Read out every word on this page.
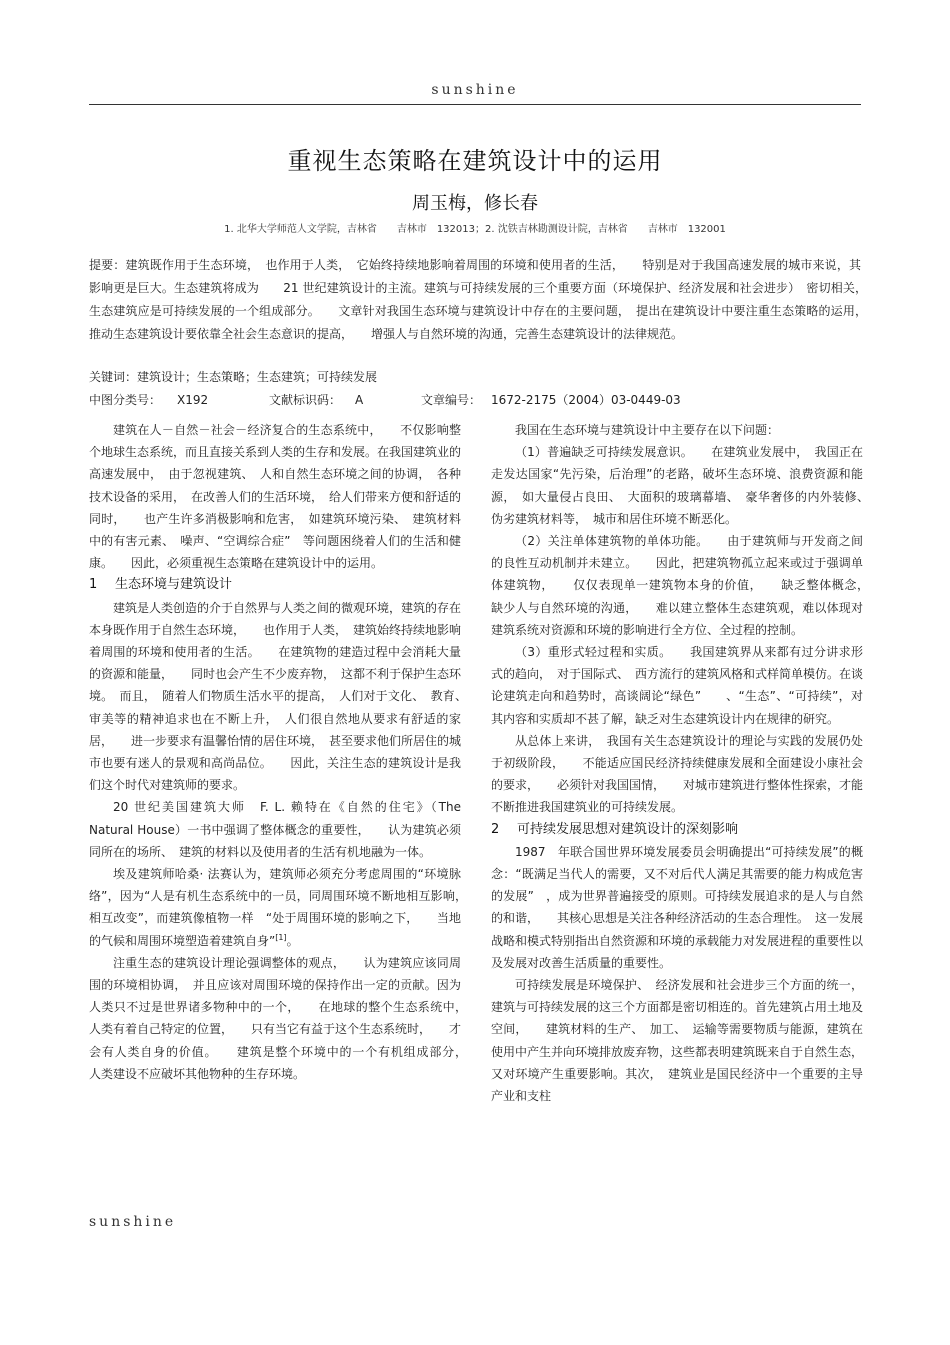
sunshine
重视生态策略在建筑设计中的运用
周玉梅，修长春
1. 北华大学师范人文学院，吉林省　　吉林市　132013；2. 沈铁吉林勘测设计院，吉林省　　吉林市　132001
提要：建筑既作用于生态环境，　也作用于人类，　它始终持续地影响着周围的环境和使用者的生活，　　特别是对于我国高速发展的城市来说，其影响更是巨大。生态建筑将成为　　21 世纪建筑设计的主流。建筑与可持续发展的三个重要方面（环境保护、经济发展和社会进步）　密切相关，　生态建筑应是可持续发展的一个组成部分。　　文章针对我国生态环境与建筑设计中存在的主要问题，　提出在建筑设计中要注重生态策略的运用，　　推动生态建筑设计要依靠全社会生态意识的提高，　　增强人与自然环境的沟通，完善生态建筑设计的法律规范。
关键词：建筑设计；生态策略；生态建筑；可持续发展
中图分类号： X192	文献标识码： A	文章编号： 1672-2175（2004）03-0449-03

建筑在人－自然－社会－经济复合的生态系统中，　　不仅影响整个地球生态系统，而且直接关系到人类的生存和发展。在我国建筑业的高速发展中，　由于忽视建筑、　人和自然生态环境之间的协调，　各种技术设备的采用，　在改善人们的生活环境，　给人们带来方便和舒适的同时，　　也产生许多消极影响和危害，　如建筑环境污染、　建筑材料中的有害元素、　噪声、“空调综合症”　等问题困绕着人们的生活和健康。　　因此，必须重视生态策略在建筑设计中的运用。

1 生态环境与建筑设计

建筑是人类创造的介于自然界与人类之间的微观环境，建筑的存在本身既作用于自然生态环境，　　也作用于人类，　建筑始终持续地影响着周围的环境和使用者的生活。　　在建筑物的建造过程中会消耗大量的资源和能量，　　同时也会产生不少废弃物，　这都不利于保护生态环境。　而且，　随着人们物质生活水平的提高，　人们对于文化、　教育、　审美等的精神追求也在不断上升，　人们很自然地从要求有舒适的家居，　　进一步要求有温馨怡情的居住环境，　甚至要求他们所居住的城市也要有迷人的景观和高尚品位。　　因此，关注生态的建筑设计是我们这个时代对建筑师的要求。

20 世纪美国建筑大师　F. L. 赖特在《自然的住宅》（The Natural House）一书中强调了整体概念的重要性，　　认为建筑必须同所在的场所、　建筑的材料以及使用者的生活有机地融为一体。

埃及建筑师哈桑· 法赛认为，建筑师必须充分考虑周围的“环境脉络”，因为“人是有机生态系统中的一员，同周围环境不断地相互影响，　　相互改变”，而建筑像植物一样　“处于周围环境的影响之下，　　当地的气候和周围环境塑造着建筑自身”[1]。

注重生态的建筑设计理论强调整体的观点，　　认为建筑应该同周围的环境相协调，　并且应该对周围环境的保持作出一定的贡献。因为人类只不过是世界诸多物种中的一个，　　在地球的整个生态系统中，　人类有着自己特定的位置，　　只有当它有益于这个生态系统时，　　才会有人类自身的价值。　　建筑是整个环境中的一个有机组成部分，　　人类建设不应破坏其他物种的生存环境。

我国在生态环境与建筑设计中主要存在以下问题：

（1）普遍缺乏可持续发展意识。　　在建筑业发展中，　我国正在走发达国家“先污染，后治理”的老路，破坏生态环境、浪费资源和能源，　如大量侵占良田、　大面积的玻璃幕墙、　豪华奢侈的内外装修、　伪劣建筑材料等，　城市和居住环境不断恶化。

（2）关注单体建筑物的单体功能。　　由于建筑师与开发商之间的良性互动机制并未建立。　　因此，把建筑物孤立起来或过于强调单体建筑物，　　仅仅表现单一建筑物本身的价值，　　缺乏整体概念，　缺少人与自然环境的沟通，　　难以建立整体生态建筑观，难以体现对建筑系统对资源和环境的影响进行全方位、全过程的控制。

（3）重形式轻过程和实质。　　我国建筑界从来都有过分讲求形式的趋向，　对于国际式、　西方流行的建筑风格和式样简单模仿。在谈论建筑走向和趋势时，高谈阔论“绿色”　　、“生态”、“可持续”，对其内容和实质却不甚了解，缺乏对生态建筑设计内在规律的研究。

从总体上来讲，　我国有关生态建筑设计的理论与实践的发展仍处于初级阶段，　　不能适应国民经济持续健康发展和全面建设小康社会的要求，　　必须针对我国国情，　　对城市建筑进行整体性探索，才能不断推进我国建筑业的可持续发展。

2 可持续发展思想对建筑设计的深刻影响

1987　年联合国世界环境发展委员会明确提出“可持续发展”的概念：“既满足当代人的需要，又不对后代人满足其需要的能力构成危害的发展”　，成为世界普遍接受的原则。可持续发展追求的是人与自然的和谐，　　其核心思想是关注各种经济活动的生态合理性。　这一发展战略和模式特别指出自然资源和环境的承载能力对发展进程的重要性以及发展对改善生活质量的重要性。

可持续发展是环境保护、　经济发展和社会进步三个方面的统一，建筑与可持续发展的这三个方面都是密切相连的。首先建筑占用土地及空间，　　建筑材料的生产、　加工、　运输等需要物质与能源，建筑在使用中产生并向环境排放废弃物，这些都表明建筑既来自于自然生态，又对环境产生重要影响。其次，　建筑业是国民经济中一个重要的主导产业和支柱

sunshine
